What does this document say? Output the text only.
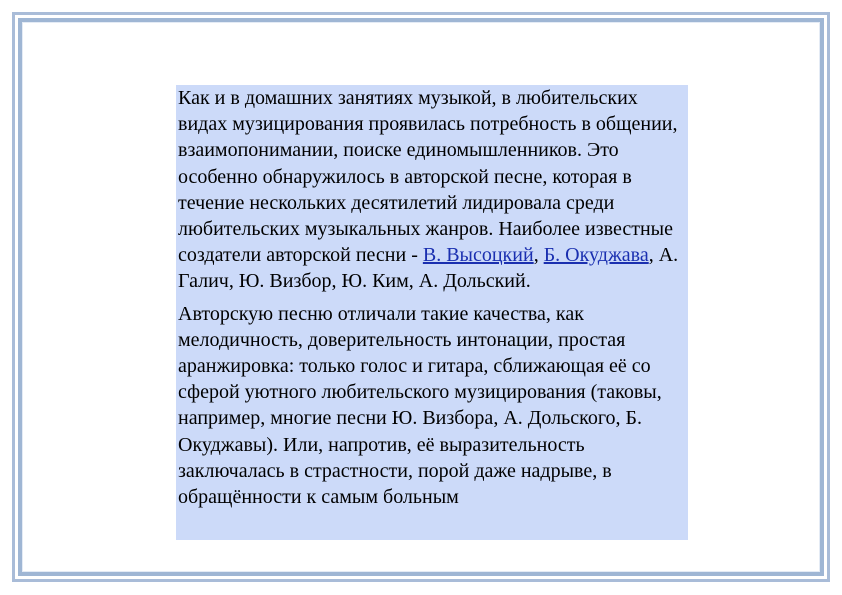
Как и в домашних занятиях музыкой, в любительских видах музицирования проявилась потребность в общении, взаимопонимании, поиске единомышленников. Это особенно обнаружилось в авторской песне, которая в течение нескольких десятилетий лидировала среди любительских музыкальных жанров. Наиболее известные создатели авторской песни - В. Высоцкий, Б. Окуджава, А. Галич, Ю. Визбор, Ю. Ким, А. Дольский.

Авторскую песню отличали такие качества, как мелодичность, доверительность интонации, простая аранжировка: только голос и гитара, сближающая её со сферой уютного любительского музицирования (таковы, например, многие песни Ю. Визбора, А. Дольского, Б. Окуджавы). Или, напротив, её выразительность заключалась в страстности, порой даже надрыве, в обращённости к самым больным
